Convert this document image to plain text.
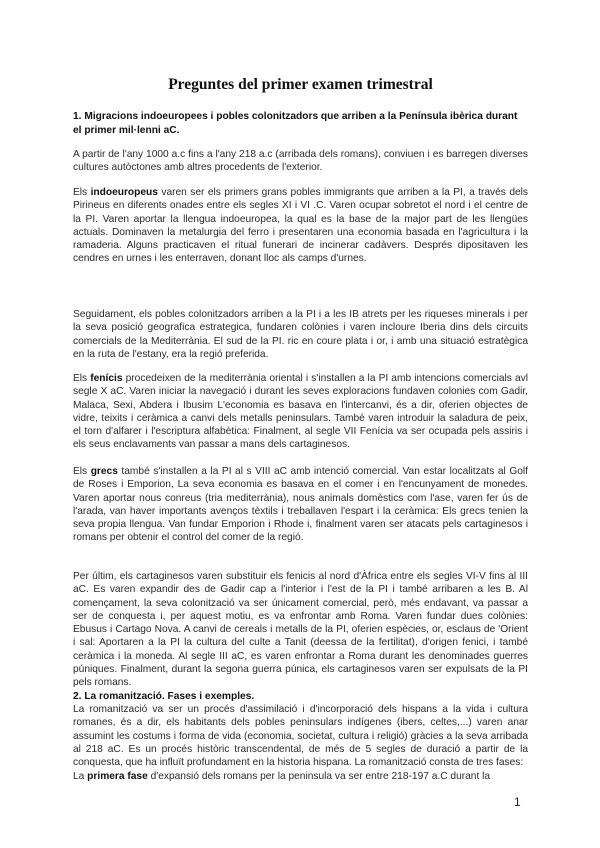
Preguntes del primer examen trimestral
1. Migracions indoeuropees i pobles colonitzadors que arriben a la Península ibèrica durant el primer mil·lenni aC.
A partir de l'any 1000 a.c fins a l'any 218 a.c (arribada dels romans), conviuen i es barregen diverses cultures autòctones amb altres procedents de l'exterior.
Els indoeuropeus varen ser els primers grans pobles immigrants que arriben a la PI, a través dels Pirineus en diferents onades entre els segles XI i VI .C. Varen ocupar sobretot el nord i el centre de la PI. Varen aportar la llengua indoeuropea, la qual es la base de la major part de les llengües actuals. Dominaven la metalurgia del ferro i presentaren una economia basada en l'agricultura i la ramaderia. Alguns practicaven el ritual funerari de incinerar cadàvers. Després dipositaven les cendres en urnes i les enterraven, donant lloc als camps d'urnes.
Seguidament, els pobles colonitzadors arriben a la PI i a les IB atrets per les riqueses minerals i per la seva posició geografica estrategica, fundaren colònies i varen incloure Iberia dins dels circuits comercials de la Mediterrània. El sud de la PI. ric en coure plata i or, i amb una situació estratègica en la ruta de l'estany, era la regió preferida.
Els fenícis procedeixen de la mediterrània oriental i s'installen a la PI amb intencions comercials avl segle X aC. Varen iniciar la navegació i durant les seves exploracions fundaven colonies com Gadir, Malaca, Sexi, Abdera i Ibusim L'economia es basava en l'intercanvi, és a dir, oferien objectes de vidre, teixits i ceràmica a canvi dels metalls peninsulars. També varen introduir la saladura de peix, el torn d'alfarer i l'escriptura alfabètica: Finalment, al segle VII Fenícia va ser ocupada pels assiris i els seus enclavaments van passar a mans dels cartaginesos.
Els grecs també s'installen a la PI al s VIII aC amb intenció comercial. Van estar localitzats al Golf de Roses i Emporion, La seva economia es basava en el comer i en l'encunyament de monedes. Varen aportar nous conreus (tria mediterrània), nous animals domèstics com l'ase, varen fer ús de l'arada, van haver importants avenços tèxtils i treballaven l'espart i la ceràmica: Els grecs tenien la seva propia llengua. Van fundar Emporion i Rhode i, finalment varen ser atacats pels cartaginesos i romans per obtenir el control del comer de la regió.
Per últim, els cartaginesos varen substituir els fenicis al nord d'Àfrica entre els segles VI-V fins al III aC. Es varen expandir des de Gadir cap a l'interior i l'est de la PI i també arribaren a les B. Al començament, la seva colonització va ser únicament comercial, però, més endavant, va passar a ser de conquesta i, per aquest motiu, es va enfrontar amb Roma. Varen fundar dues colònies: Ebusus i Cartago Nova. A canvi de cereals i metalls de la PI, oferien espècies, or, esclaus de 'Orient i sal: Aportaren a la PI la cultura del culte a Tanit (deessa de la fertilitat), d'origen fenici, i també ceràmica i la moneda. Al segle III aC, es varen enfrontar a Roma durant les denominades guerres púniques. Finalment, durant la segona guerra púnica, els cartaginesos varen ser expulsats de la PI pels romans.
2. La romanització. Fases i exemples.
La romanització va ser un procés d'assimilació i d'incorporació dels hispans a la vida i cultura romanes, és a dir, els habitants dels pobles peninsulars indígenes (ibers, celtes,...) varen anar assumint les costums i forma de vida (economia, societat, cultura i religió) gràcies a la seva arribada al 218 aC. Es un procés històric transcendental, de més de 5 segles de duració a partir de la conquesta, que ha influït profundament en la historia hispana. La romanització consta de tres fases:
La primera fase d'expansió dels romans per la peninsula va ser entre 218-197 a.C durant la
1
